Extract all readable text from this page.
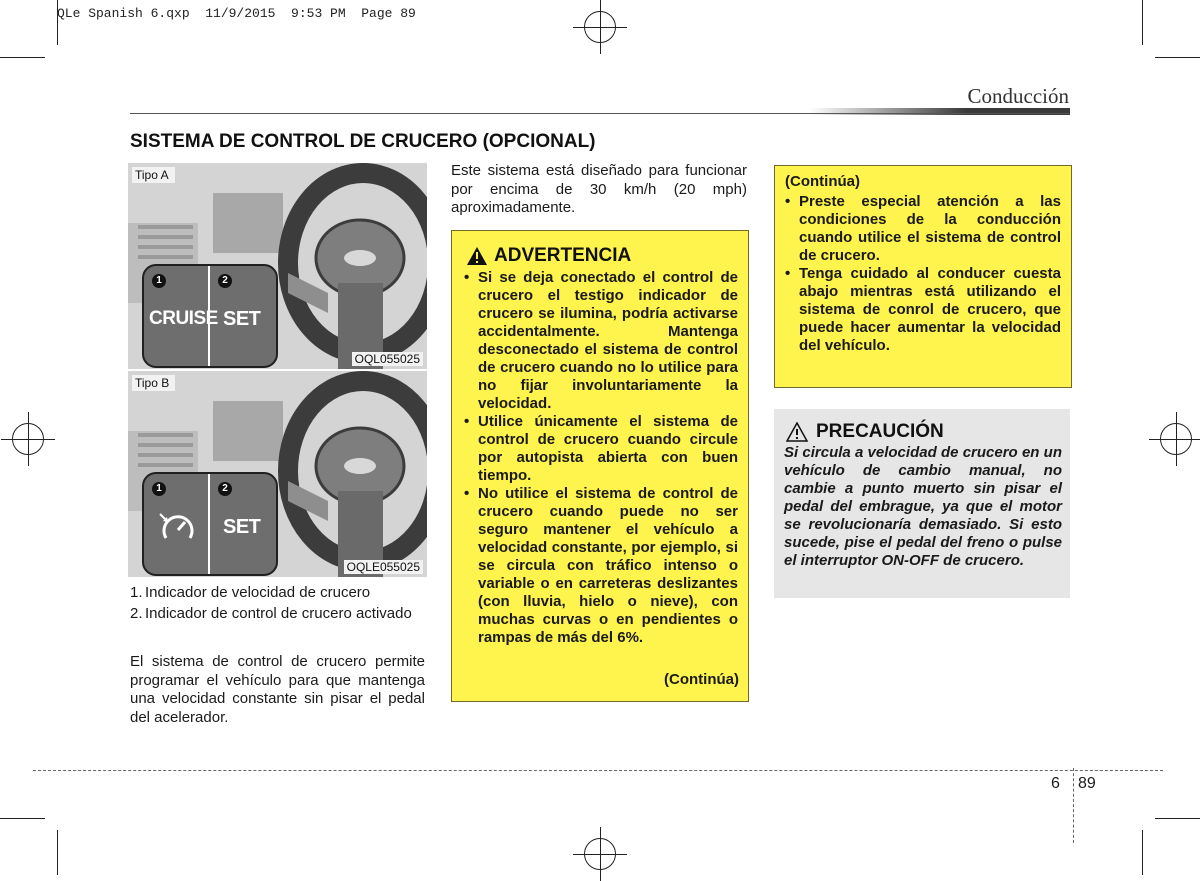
QLe Spanish 6.qxp  11/9/2015  9:53 PM  Page 89
Conducción
SISTEMA DE CONTROL DE CRUCERO (OPCIONAL)
Tipo A
1	2
CRUISE SET
OQL055025
Tipo B
1	2
SET
OQLE055025
1. Indicador de velocidad de crucero
2. Indicador de control de crucero activado
El sistema de control de crucero permite programar el vehículo para que mantenga una velocidad constante sin pisar el pedal del acelerador.
Este sistema está diseñado para funcionar por encima de 30 km/h (20 mph) aproximadamente.
ADVERTENCIA
• Si se deja conectado el control de crucero el testigo indicador de crucero se ilumina, podría activarse accidentalmente. Mantenga desconectado el sistema de control de crucero cuando no lo utilice para no fijar involuntariamente la velocidad.
• Utilice únicamente el sistema de control de crucero cuando circule por autopista abierta con buen tiempo.
• No utilice el sistema de control de crucero cuando puede no ser seguro mantener el vehículo a velocidad constante, por ejemplo, si se circula con tráfico intenso o variable o en carreteras deslizantes (con lluvia, hielo o nieve), con muchas curvas o en pendientes o rampas de más del 6%.
(Continúa)
(Continúa)
• Preste especial atención a las condiciones de la conducción cuando utilice el sistema de control de crucero.
• Tenga cuidado al conducer cuesta abajo mientras está utilizando el sistema de conrol de crucero, que puede hacer aumentar la velocidad del vehículo.
PRECAUCIÓN
Si circula a velocidad de crucero en un vehículo de cambio manual, no cambie a punto muerto sin pisar el pedal del embrague, ya que el motor se revolucionaría demasiado. Si esto sucede, pise el pedal del freno o pulse el interruptor ON-OFF de crucero.
6 89
